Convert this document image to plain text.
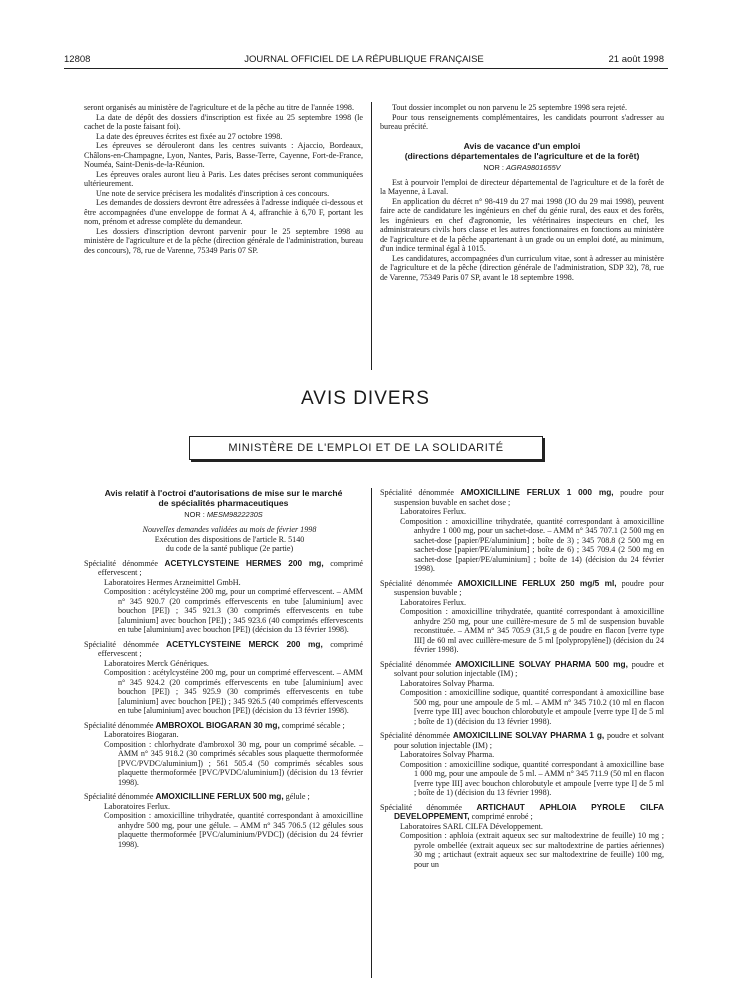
12808	JOURNAL OFFICIEL DE LA RÉPUBLIQUE FRANÇAISE	21 août 1998

seront organisés au ministère de l'agriculture et de la pêche au titre de l'année 1998.

La date de dépôt des dossiers d'inscription est fixée au 25 septembre 1998 (le cachet de la poste faisant foi).

La date des épreuves écrites est fixée au 27 octobre 1998.

Les épreuves se dérouleront dans les centres suivants : Ajaccio, Bordeaux, Châlons-en-Champagne, Lyon, Nantes, Paris, Basse-Terre, Cayenne, Fort-de-France, Nouméa, Saint-Denis-de-la-Réunion.

Les épreuves orales auront lieu à Paris. Les dates précises seront communiquées ultérieurement.

Une note de service précisera les modalités d'inscription à ces concours.

Les demandes de dossiers devront être adressées à l'adresse indiquée ci-dessous et être accompagnées d'une enveloppe de format A 4, affranchie à 6,70 F, portant les nom, prénom et adresse complète du demandeur.

Les dossiers d'inscription devront parvenir pour le 25 septembre 1998 au ministère de l'agriculture et de la pêche (direction générale de l'administration, bureau des concours), 78, rue de Varenne, 75349 Paris 07 SP.

Tout dossier incomplet ou non parvenu le 25 septembre 1998 sera rejeté.

Pour tous renseignements complémentaires, les candidats pourront s'adresser au bureau précité.

Avis de vacance d'un emploi
(directions départementales de l'agriculture et de la forêt)
NOR : AGRA9801655V

Est à pourvoir l'emploi de directeur départemental de l'agriculture et de la forêt de la Mayenne, à Laval.

En application du décret n° 98-419 du 27 mai 1998 (JO du 29 mai 1998), peuvent faire acte de candidature les ingénieurs en chef du génie rural, des eaux et des forêts, les ingénieurs en chef d'agronomie, les vétérinaires inspecteurs en chef, les administrateurs civils hors classe et les autres fonctionnaires en fonctions au ministère de l'agriculture et de la pêche appartenant à un grade ou un emploi doté, au minimum, d'un indice terminal égal à 1015.

Les candidatures, accompagnées d'un curriculum vitae, sont à adresser au ministère de l'agriculture et de la pêche (direction générale de l'administration, SDP 32), 78, rue de Varenne, 75349 Paris 07 SP, avant le 18 septembre 1998.

AVIS DIVERS
MINISTÈRE DE L'EMPLOI ET DE LA SOLIDARITÉ
Avis relatif à l'octroi d'autorisations de mise sur le marché
de spécialités pharmaceutiques
NOR : MESM9822230S

Nouvelles demandes validées au mois de février 1998

Exécution des dispositions de l'article R. 5140

du code de la santé publique (2e partie)

Spécialité dénommée ACETYLCYSTEINE HERMES 200 mg, comprimé effervescent ;

Laboratoires Hermes Arzneimittel GmbH.

Composition : acétylcystéine 200 mg, pour un comprimé effervescent. – AMM n° 345 920.7 (20 comprimés effervescents en tube [aluminium] avec bouchon [PE]) ; 345 921.3 (30 comprimés effervescents en tube [aluminium] avec bouchon [PE]) ; 345 923.6 (40 comprimés effervescents en tube [aluminium] avec bouchon [PE]) (décision du 13 février 1998).

Spécialité dénommée ACETYLCYSTEINE MERCK 200 mg, comprimé effervescent ;

Laboratoires Merck Génériques.

Composition : acétylcystéine 200 mg, pour un comprimé effervescent. – AMM n° 345 924.2 (20 comprimés effervescents en tube [aluminium] avec bouchon [PE]) ; 345 925.9 (30 comprimés effervescents en tube [aluminium] avec bouchon [PE]) ; 345 926.5 (40 comprimés effervescents en tube [aluminium] avec bouchon [PE]) (décision du 13 février 1998).

Spécialité dénommée AMBROXOL BIOGARAN 30 mg, comprimé sécable ;

Laboratoires Biogaran.

Composition : chlorhydrate d'ambroxol 30 mg, pour un comprimé sécable. – AMM n° 345 918.2 (30 comprimés sécables sous plaquette thermoformée [PVC/PVDC/aluminium]) ; 561 505.4 (50 comprimés sécables sous plaquette thermoformée [PVC/PVDC/aluminium]) (décision du 13 février 1998).

Spécialité dénommée AMOXICILLINE FERLUX 500 mg, gélule ;

Laboratoires Ferlux.

Composition : amoxicilline trihydratée, quantité correspondant à amoxicilline anhydre 500 mg, pour une gélule. – AMM n° 345 706.5 (12 gélules sous plaquette thermoformée [PVC/aluminium/PVDC]) (décision du 24 février 1998).

Spécialité dénommée AMOXICILLINE FERLUX 1 000 mg, poudre pour suspension buvable en sachet dose ;

Laboratoires Ferlux.

Composition : amoxicilline trihydratée, quantité correspondant à amoxicilline anhydre 1 000 mg, pour un sachet-dose. – AMM n° 345 707.1 (2 500 mg en sachet-dose [papier/PE/aluminium] ; boîte de 3) ; 345 708.8 (2 500 mg en sachet-dose [papier/PE/aluminium] ; boîte de 6) ; 345 709.4 (2 500 mg en sachet-dose [papier/PE/aluminium] ; boîte de 14) (décision du 24 février 1998).

Spécialité dénommée AMOXICILLINE FERLUX 250 mg/5 ml, poudre pour suspension buvable ;

Laboratoires Ferlux.

Composition : amoxicilline trihydratée, quantité correspondant à amoxicilline anhydre 250 mg, pour une cuillère-mesure de 5 ml de suspension buvable reconstituée. – AMM n° 345 705.9 (31,5 g de poudre en flacon [verre type III] de 60 ml avec cuillère-mesure de 5 ml [polypropylène]) (décision du 24 février 1998).

Spécialité dénommée AMOXICILLINE SOLVAY PHARMA 500 mg, poudre et solvant pour solution injectable (IM) ;

Laboratoires Solvay Pharma.

Composition : amoxicilline sodique, quantité correspondant à amoxicilline base 500 mg, pour une ampoule de 5 ml. – AMM n° 345 710.2 (10 ml en flacon [verre type III] avec bouchon chlorobutyle et ampoule [verre type I] de 5 ml ; boîte de 1) (décision du 13 février 1998).

Spécialité dénommée AMOXICILLINE SOLVAY PHARMA 1 g, poudre et solvant pour solution injectable (IM) ;

Laboratoires Solvay Pharma.

Composition : amoxicilline sodique, quantité correspondant à amoxicilline base 1 000 mg, pour une ampoule de 5 ml. – AMM n° 345 711.9 (50 ml en flacon [verre type III] avec bouchon chlorobutyle et ampoule [verre type I] de 5 ml ; boîte de 1) (décision du 13 février 1998).

Spécialité dénommée ARTICHAUT APHLOIA PYROLE CILFA DEVELOPPEMENT, comprimé enrobé ;

Laboratoires SARL CILFA Développement.

Composition : aphloia (extrait aqueux sec sur maltodextrine de feuille) 10 mg ; pyrole ombellée (extrait aqueux sec sur maltodextrine de parties aériennes) 30 mg ; artichaut (extrait aqueux sec sur maltodextrine de feuille) 100 mg, pour un
